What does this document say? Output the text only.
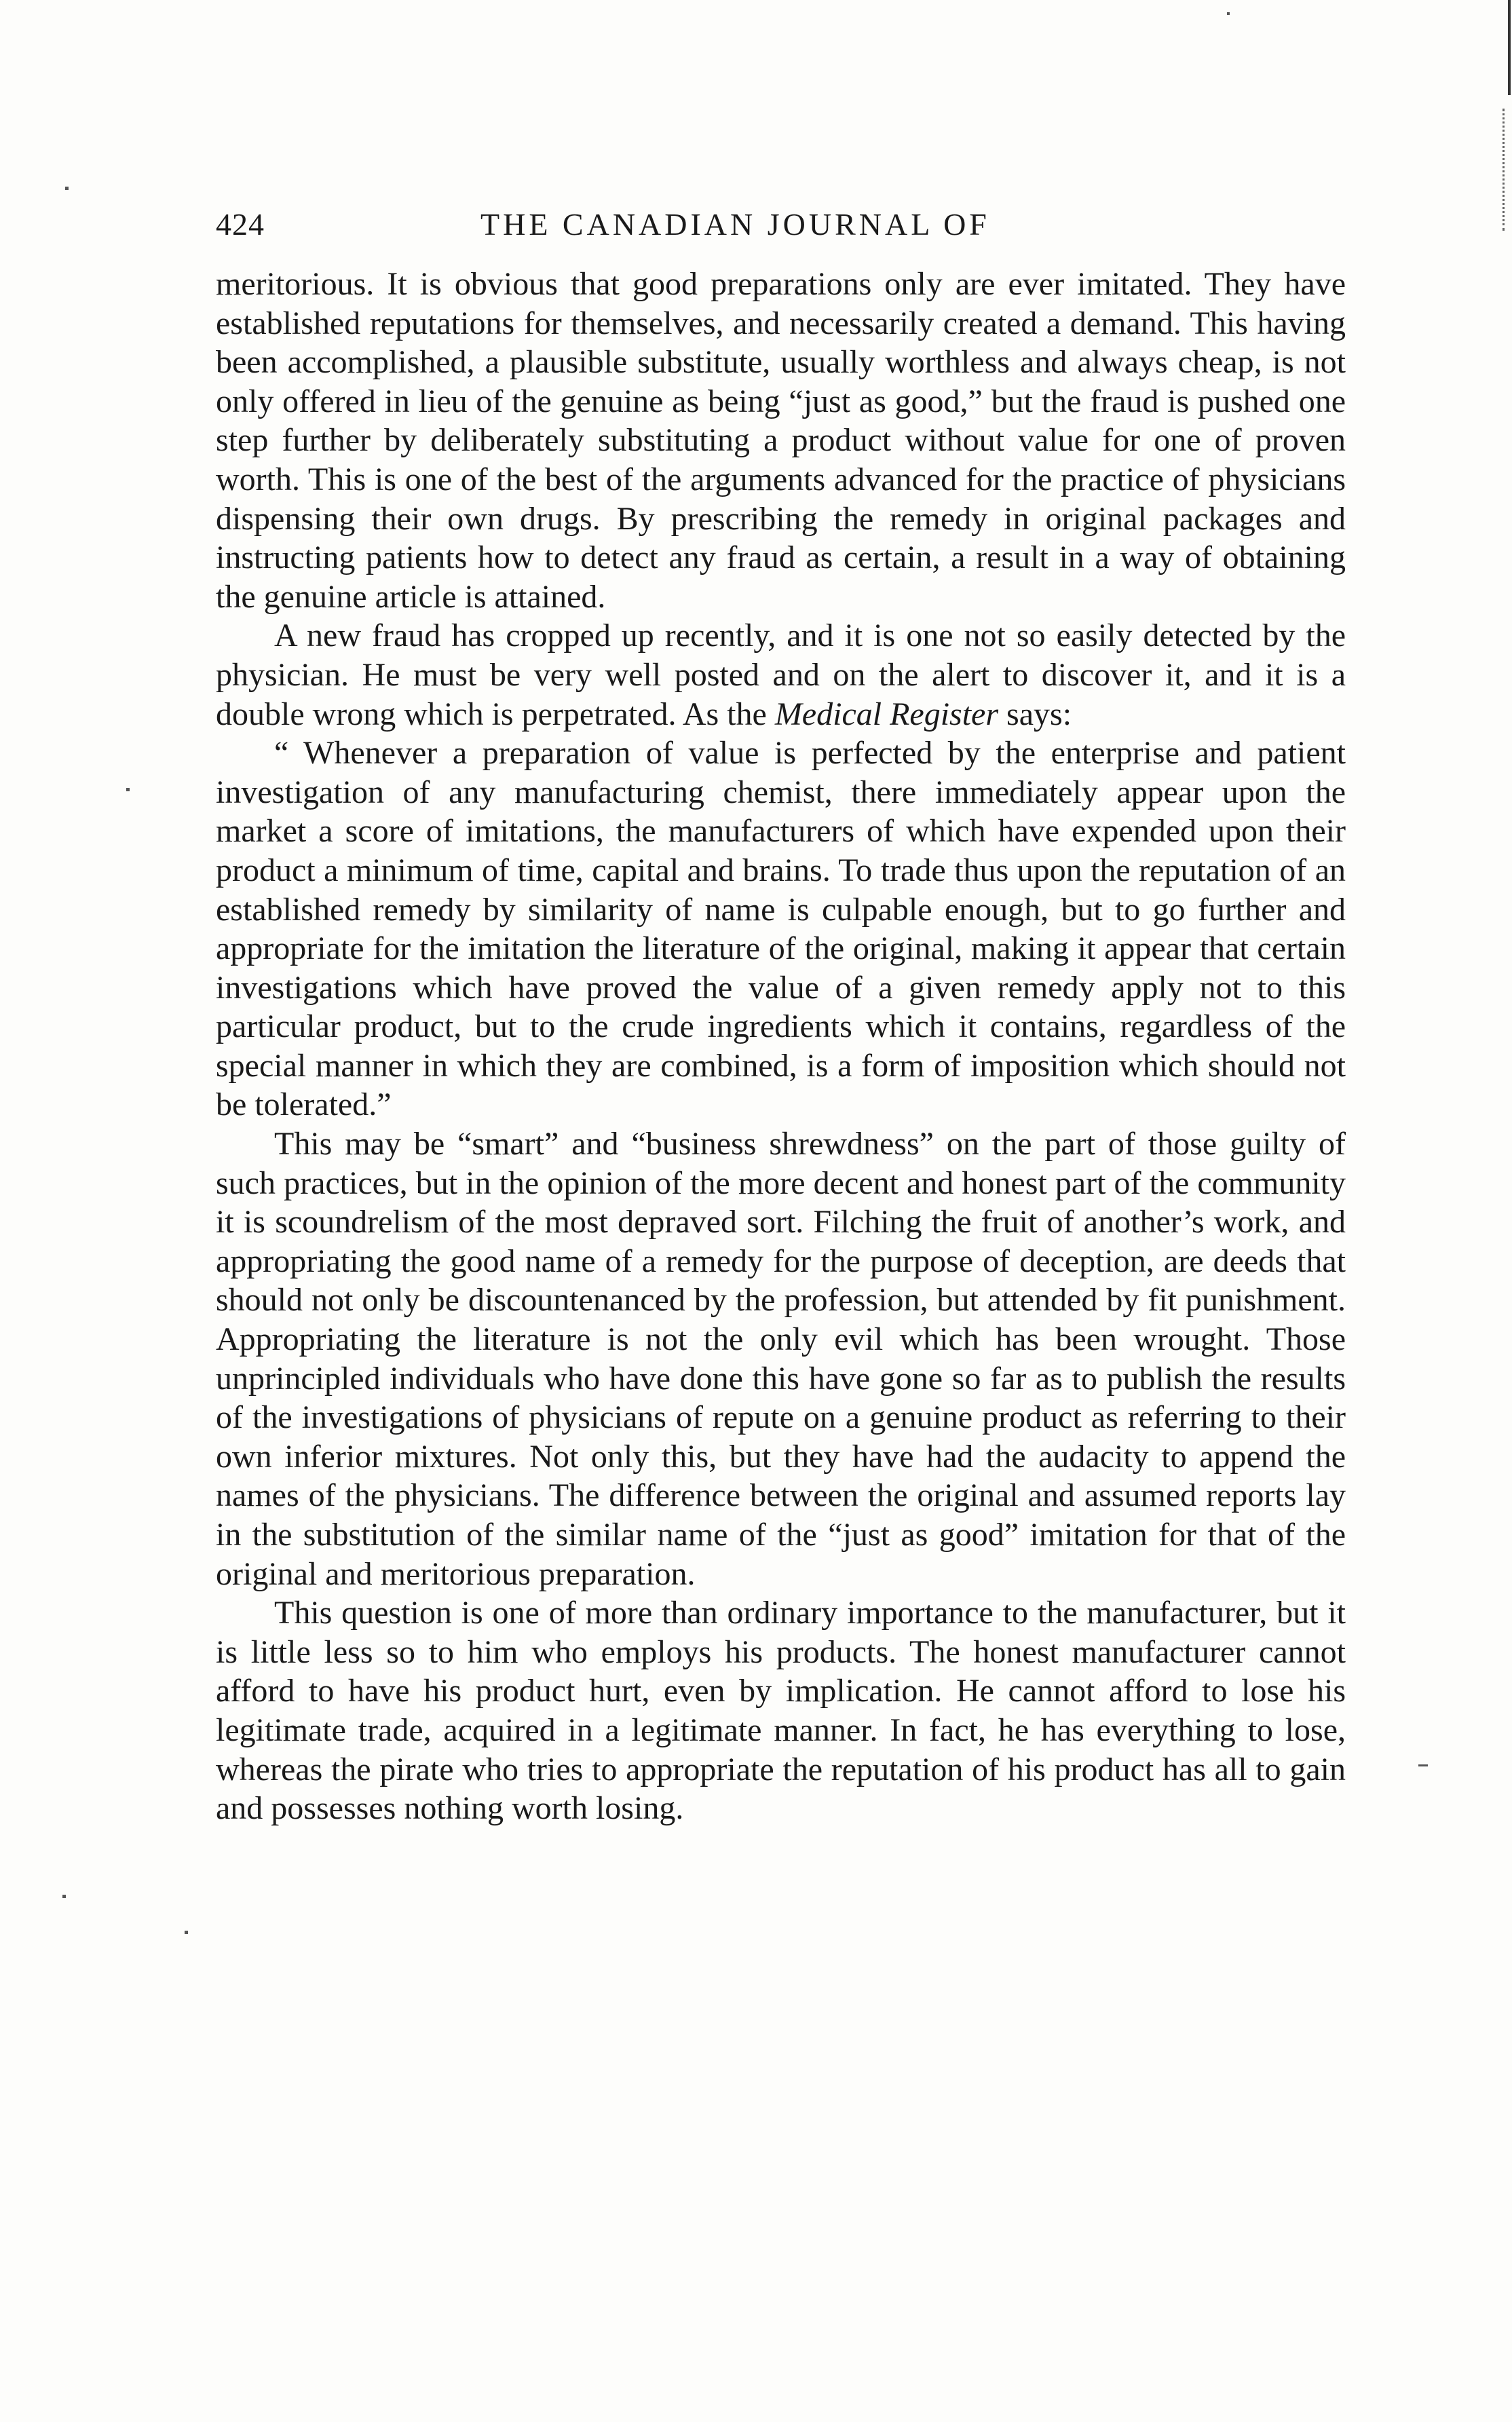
424	THE CANADIAN JOURNAL OF

meritorious. It is obvious that good preparations only are ever imitated. They have established reputations for themselves, and necessarily created a demand. This having been accomplished, a plausible substitute, usually worthless and always cheap, is not only offered in lieu of the genuine as being “just as good,” but the fraud is pushed one step further by deliberately substituting a product without value for one of proven worth. This is one of the best of the arguments advanced for the practice of physicians dispensing their own drugs. By prescribing the remedy in original packages and instructing patients how to detect any fraud as certain, a result in a way of obtaining the genuine article is attained.

A new fraud has cropped up recently, and it is one not so easily detected by the physician. He must be very well posted and on the alert to discover it, and it is a double wrong which is perpetrated. As the Medical Register says:

“ Whenever a preparation of value is perfected by the enterprise and patient investigation of any manufacturing chemist, there immediately appear upon the market a score of imitations, the manufacturers of which have expended upon their product a minimum of time, capital and brains. To trade thus upon the reputation of an established remedy by similarity of name is culpable enough, but to go further and appropriate for the imitation the literature of the original, making it appear that certain investigations which have proved the value of a given remedy apply not to this particular product, but to the crude ingredients which it contains, regardless of the special manner in which they are combined, is a form of imposition which should not be tolerated.”

This may be “smart” and “business shrewdness” on the part of those guilty of such practices, but in the opinion of the more decent and honest part of the community it is scoundrelism of the most depraved sort. Filching the fruit of another’s work, and appropriating the good name of a remedy for the purpose of deception, are deeds that should not only be discountenanced by the profession, but attended by fit punishment. Appropriating the literature is not the only evil which has been wrought. Those unprincipled individuals who have done this have gone so far as to publish the results of the investigations of physicians of repute on a genuine product as referring to their own inferior mixtures. Not only this, but they have had the audacity to append the names of the physicians. The difference between the original and assumed reports lay in the substitution of the similar name of the “just as good” imitation for that of the original and meritorious preparation.

This question is one of more than ordinary importance to the manufacturer, but it is little less so to him who employs his products. The honest manufacturer cannot afford to have his product hurt, even by implication. He cannot afford to lose his legitimate trade, acquired in a legitimate manner. In fact, he has everything to lose, whereas the pirate who tries to appropriate the reputation of his product has all to gain and possesses nothing worth losing.
